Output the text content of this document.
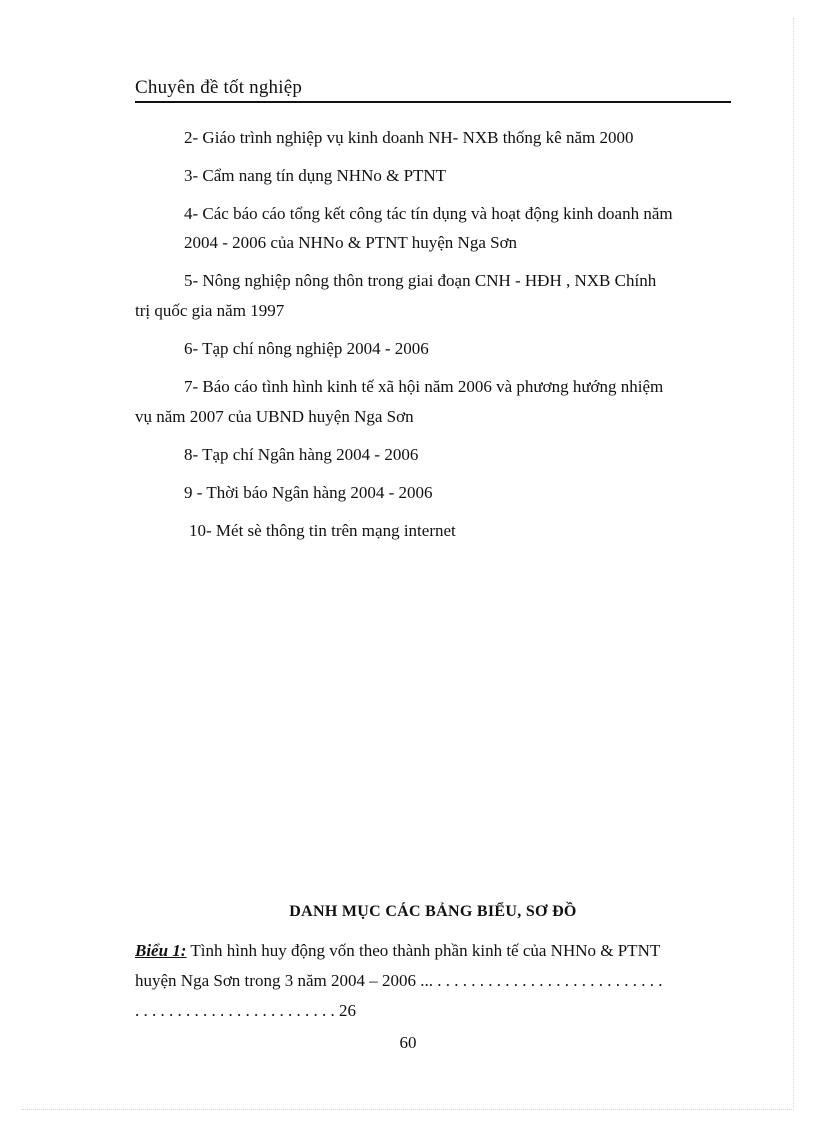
Chuyên đề tốt nghiệp
2- Giáo trình nghiệp vụ kinh doanh NH- NXB thống kê năm 2000
3- Cẩm nang tín dụng NHNo & PTNT
4- Các báo cáo tổng kết công tác tín dụng và hoạt động kinh doanh năm
2004 - 2006 của NHNo & PTNT huyện Nga Sơn
5- Nông nghiệp nông thôn trong giai đoạn CNH - HĐH , NXB Chính
trị quốc gia năm 1997
6- Tạp chí nông nghiệp 2004 - 2006
7- Báo cáo tình hình kinh tế xã hội năm 2006 và phương hướng nhiệm
vụ năm 2007 của UBND huyện Nga Sơn
8- Tạp chí Ngân hàng 2004 - 2006
9 - Thời báo Ngân hàng 2004 - 2006
10- Mét sè thông tin trên mạng internet
DANH MỤC CÁC BẢNG BIỂU, SƠ ĐỒ
Biểu 1: Tình hình huy động vốn theo thành phần kinh tế của NHNo & PTNT
huyện Nga Sơn trong 3 năm 2004 – 2006 ... . . . . . . . . . . . . . . . . . . . . . . . . . . .
. . . . . . . . . . . . . . . . . . . . . . . . 26
60
